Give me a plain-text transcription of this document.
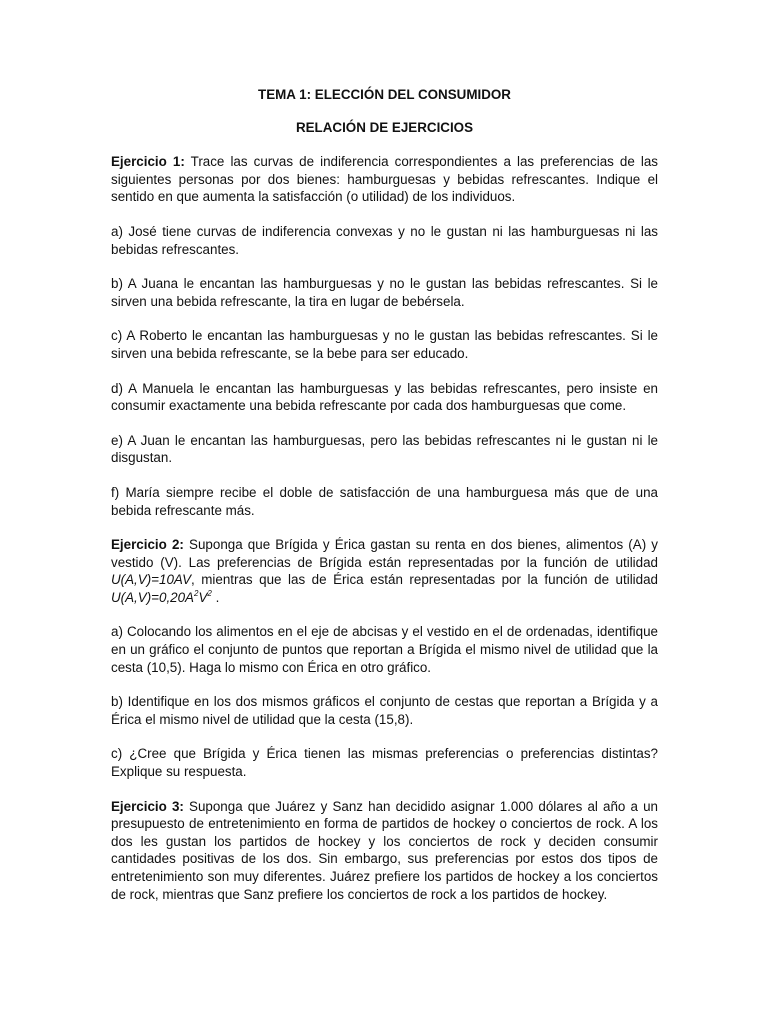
TEMA 1: ELECCIÓN DEL CONSUMIDOR

RELACIÓN DE EJERCICIOS

Ejercicio 1: Trace las curvas de indiferencia correspondientes a las preferencias de las siguientes personas por dos bienes: hamburguesas y bebidas refrescantes. Indique el sentido en que aumenta la satisfacción (o utilidad) de los individuos.

a) José tiene curvas de indiferencia convexas y no le gustan ni las hamburguesas ni las bebidas refrescantes.

b) A Juana le encantan las hamburguesas y no le gustan las bebidas refrescantes. Si le sirven una bebida refrescante, la tira en lugar de bebérsela.

c) A Roberto le encantan las hamburguesas y no le gustan las bebidas refrescantes. Si le sirven una bebida refrescante, se la bebe para ser educado.

d) A Manuela le encantan las hamburguesas y las bebidas refrescantes, pero insiste en consumir exactamente una bebida refrescante por cada dos hamburguesas que come.

e) A Juan le encantan las hamburguesas, pero las bebidas refrescantes ni le gustan ni le disgustan.

f) María siempre recibe el doble de satisfacción de una hamburguesa más que de una bebida refrescante más.

Ejercicio 2: Suponga que Brígida y Érica gastan su renta en dos bienes, alimentos (A) y vestido (V). Las preferencias de Brígida están representadas por la función de utilidad U(A,V)=10AV, mientras que las de Érica están representadas por la función de utilidad $U(A,V)=0,20A^2V^2$ .

a) Colocando los alimentos en el eje de abcisas y el vestido en el de ordenadas, identifique en un gráfico el conjunto de puntos que reportan a Brígida el mismo nivel de utilidad que la cesta (10,5). Haga lo mismo con Érica en otro gráfico.

b) Identifique en los dos mismos gráficos el conjunto de cestas que reportan a Brígida y a Érica el mismo nivel de utilidad que la cesta (15,8).

c) ¿Cree que Brígida y Érica tienen las mismas preferencias o preferencias distintas? Explique su respuesta.

Ejercicio 3: Suponga que Juárez y Sanz han decidido asignar 1.000 dólares al año a un presupuesto de entretenimiento en forma de partidos de hockey o conciertos de rock. A los dos les gustan los partidos de hockey y los conciertos de rock y deciden consumir cantidades positivas de los dos. Sin embargo, sus preferencias por estos dos tipos de entretenimiento son muy diferentes. Juárez prefiere los partidos de hockey a los conciertos de rock, mientras que Sanz prefiere los conciertos de rock a los partidos de hockey.
